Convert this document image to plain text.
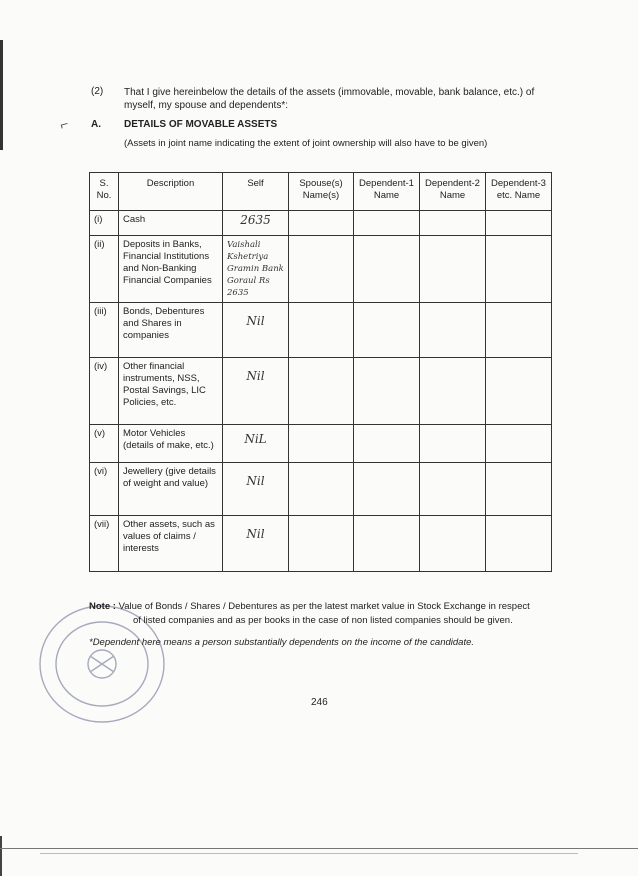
(2) That I give hereinbelow the details of the assets (immovable, movable, bank balance, etc.) of myself, my spouse and dependents*:
⌐ A. DETAILS OF MOVABLE ASSETS
(Assets in joint name indicating the extent of joint ownership will also have to be given)
S. No.	Description	Self	Spouse(s) Name(s)	Dependent-1 Name	Dependent-2 Name	Dependent-3 etc. Name
(i)	Cash	2635				
(ii)	Deposits in Banks, Financial Institutions and Non-Banking Financial Companies	Vaishali Kshetriya Gramin Bank Goraul Rs 2635				
(iii)	Bonds, Debentures and Shares in companies	Nil				
(iv)	Other financial instruments, NSS, Postal Savings, LIC Policies, etc.	Nil				
(v)	Motor Vehicles (details of make, etc.)	NiL				
(vi)	Jewellery (give details of weight and value)	Nil				
(vii)	Other assets, such as values of claims / interests	Nil				
Note : Value of Bonds / Shares / Debentures as per the latest market value in Stock Exchange in respect
of listed companies and as per books in the case of non listed companies should be given.
*Dependent here means a person substantially dependents on the income of the candidate.
246
